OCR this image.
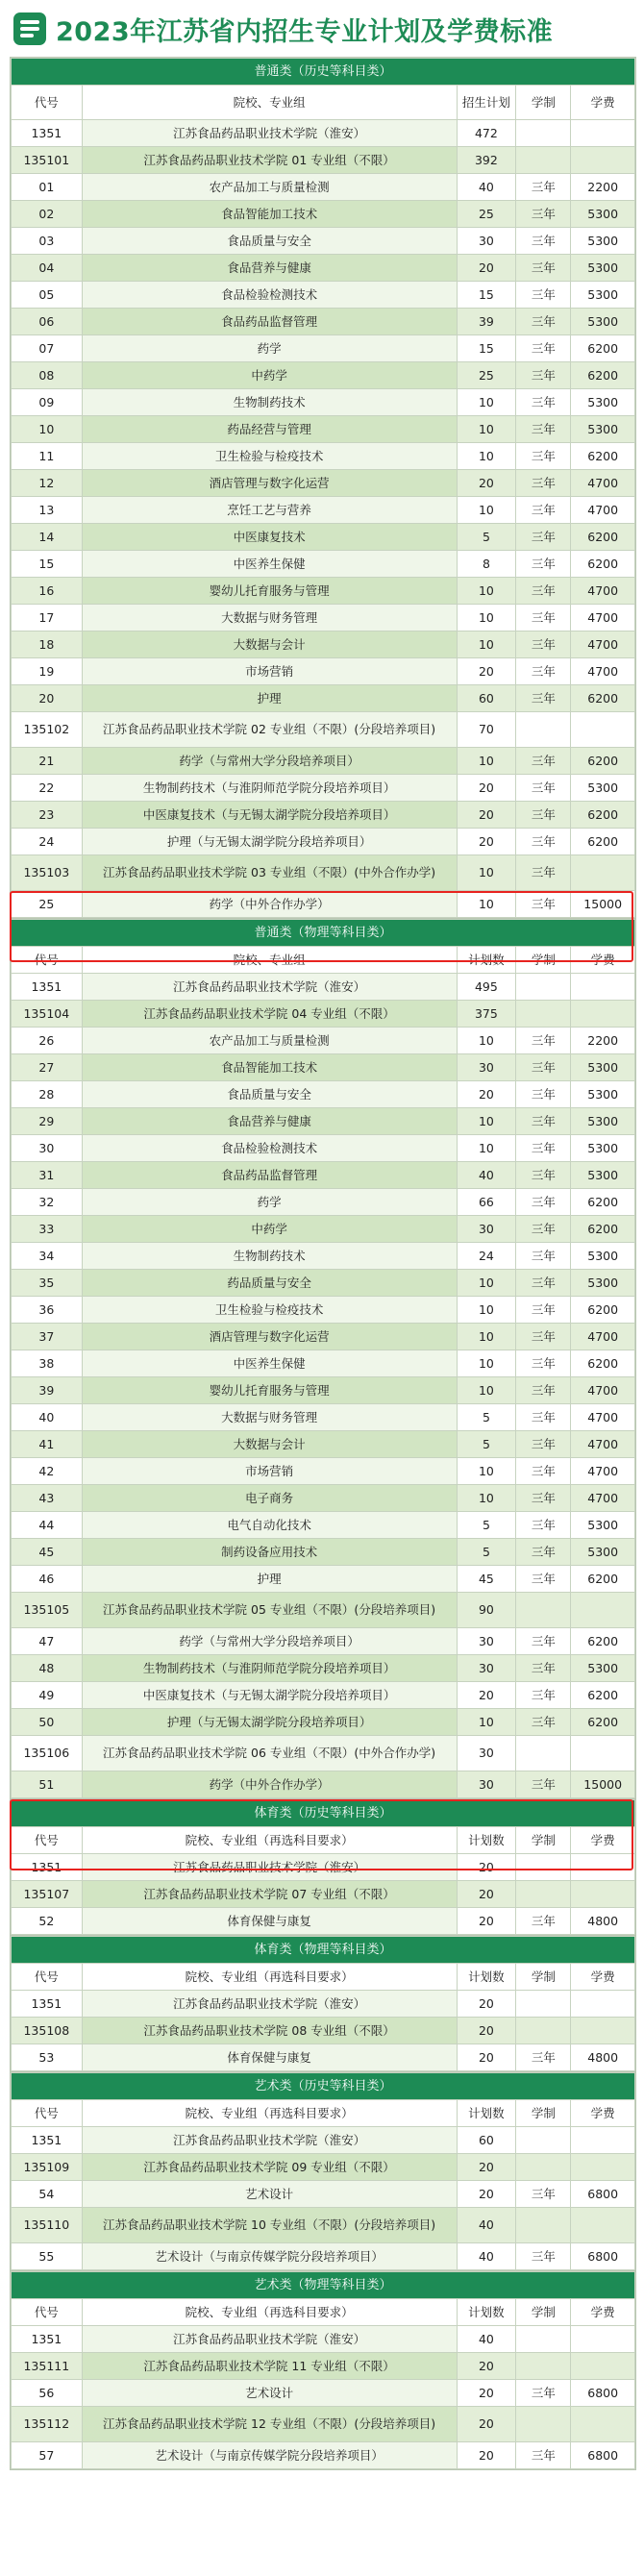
2023年江苏省内招生专业计划及学费标准
普通类（历史等科目类）				
代号	院校、专业组	招生计划	学制	学费
1351	江苏食品药品职业技术学院（淮安）	472		
135101	江苏食品药品职业技术学院 01 专业组（不限）	392		
01	农产品加工与质量检测	40	三年	2200
02	食品智能加工技术	25	三年	5300
03	食品质量与安全	30	三年	5300
04	食品营养与健康	20	三年	5300
05	食品检验检测技术	15	三年	5300
06	食品药品监督管理	39	三年	5300
07	药学	15	三年	6200
08	中药学	25	三年	6200
09	生物制药技术	10	三年	5300
10	药品经营与管理	10	三年	5300
11	卫生检验与检疫技术	10	三年	6200
12	酒店管理与数字化运营	20	三年	4700
13	烹饪工艺与营养	10	三年	4700
14	中医康复技术	5	三年	6200
15	中医养生保健	8	三年	6200
16	婴幼儿托育服务与管理	10	三年	4700
17	大数据与财务管理	10	三年	4700
18	大数据与会计	10	三年	4700
19	市场营销	20	三年	4700
20	护理	60	三年	6200
135102	江苏食品药品职业技术学院 02 专业组（不限）(分段培养项目)	70		
21	药学（与常州大学分段培养项目）	10	三年	6200
22	生物制药技术（与淮阴师范学院分段培养项目）	20	三年	5300
23	中医康复技术（与无锡太湖学院分段培养项目）	20	三年	6200
24	护理（与无锡太湖学院分段培养项目）	20	三年	6200
135103	江苏食品药品职业技术学院 03 专业组（不限）(中外合作办学)	10	三年	
25	药学（中外合作办学）	10	三年	15000
普通类（物理等科目类）				
代号	院校、专业组	计划数	学制	学费
1351	江苏食品药品职业技术学院（淮安）	495		
135104	江苏食品药品职业技术学院 04 专业组（不限）	375		
26	农产品加工与质量检测	10	三年	2200
27	食品智能加工技术	30	三年	5300
28	食品质量与安全	20	三年	5300
29	食品营养与健康	10	三年	5300
30	食品检验检测技术	10	三年	5300
31	食品药品监督管理	40	三年	5300
32	药学	66	三年	6200
33	中药学	30	三年	6200
34	生物制药技术	24	三年	5300
35	药品质量与安全	10	三年	5300
36	卫生检验与检疫技术	10	三年	6200
37	酒店管理与数字化运营	10	三年	4700
38	中医养生保健	10	三年	6200
39	婴幼儿托育服务与管理	10	三年	4700
40	大数据与财务管理	5	三年	4700
41	大数据与会计	5	三年	4700
42	市场营销	10	三年	4700
43	电子商务	10	三年	4700
44	电气自动化技术	5	三年	5300
45	制药设备应用技术	5	三年	5300
46	护理	45	三年	6200
135105	江苏食品药品职业技术学院 05 专业组（不限）(分段培养项目)	90		
47	药学（与常州大学分段培养项目）	30	三年	6200
48	生物制药技术（与淮阴师范学院分段培养项目）	30	三年	5300
49	中医康复技术（与无锡太湖学院分段培养项目）	20	三年	6200
50	护理（与无锡太湖学院分段培养项目）	10	三年	6200
135106	江苏食品药品职业技术学院 06 专业组（不限）(中外合作办学)	30		
51	药学（中外合作办学）	30	三年	15000
体育类（历史等科目类）				
代号	院校、专业组（再选科目要求）	计划数	学制	学费
1351	江苏食品药品职业技术学院（淮安）	20		
135107	江苏食品药品职业技术学院 07 专业组（不限）	20		
52	体育保健与康复	20	三年	4800
体育类（物理等科目类）				
代号	院校、专业组（再选科目要求）	计划数	学制	学费
1351	江苏食品药品职业技术学院（淮安）	20		
135108	江苏食品药品职业技术学院 08 专业组（不限）	20		
53	体育保健与康复	20	三年	4800
艺术类（历史等科目类）				
代号	院校、专业组（再选科目要求）	计划数	学制	学费
1351	江苏食品药品职业技术学院（淮安）	60		
135109	江苏食品药品职业技术学院 09 专业组（不限）	20		
54	艺术设计	20	三年	6800
135110	江苏食品药品职业技术学院 10 专业组（不限）(分段培养项目)	40		
55	艺术设计（与南京传媒学院分段培养项目）	40	三年	6800
艺术类（物理等科目类）				
代号	院校、专业组（再选科目要求）	计划数	学制	学费
1351	江苏食品药品职业技术学院（淮安）	40		
135111	江苏食品药品职业技术学院 11 专业组（不限）	20		
56	艺术设计	20	三年	6800
135112	江苏食品药品职业技术学院 12 专业组（不限）(分段培养项目)	20		
57	艺术设计（与南京传媒学院分段培养项目）	20	三年	6800
